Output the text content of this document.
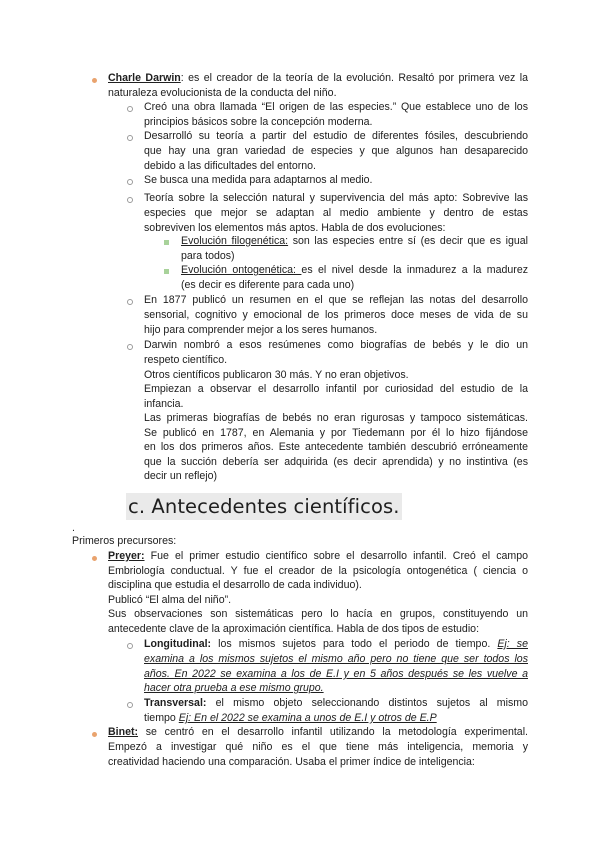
Charle Darwin: es el creador de la teoría de la evolución. Resaltó por primera vez la
naturaleza evolucionista de la conducta del niño.
Creó una obra llamada “El origen de las especies.” Que establece uno de los
principios básicos sobre la concepción moderna.
Desarrolló su teoría a partir del estudio de diferentes fósiles, descubriendo
que hay una gran variedad de especies y que algunos han desaparecido
debido a las dificultades del entorno.
Se busca una medida para adaptarnos al medio.
Teoría sobre la selección natural y supervivencia del más apto: Sobrevive las
especies que mejor se adaptan al medio ambiente y dentro de estas
sobreviven los elementos más aptos. Habla de dos evoluciones:
Evolución filogenética: son las especies entre sí (es decir que es igual
para todos)
Evolución ontogenética: es el nivel desde la inmadurez a la madurez
(es decir es diferente para cada uno)
En 1877 publicó un resumen en el que se reflejan las notas del desarrollo
sensorial, cognitivo y emocional de los primeros doce meses de vida de su
hijo para comprender mejor a los seres humanos.
Darwin nombró a esos resúmenes como biografías de bebés y le dio un
respeto científico.
Otros científicos publicaron 30 más. Y no eran objetivos.
Empiezan a observar el desarrollo infantil por curiosidad del estudio de la
infancia.
Las primeras biografías de bebés no eran rigurosas y tampoco sistemáticas.
Se publicó en 1787, en Alemania y por Tiedemann por él lo hizo fijándose
en los dos primeros años. Este antecedente también descubrió erróneamente
que la succión debería ser adquirida (es decir aprendida) y no instintiva (es
decir un reflejo)
c. Antecedentes científicos.
.
Primeros precursores:
Preyer: Fue el primer estudio científico sobre el desarrollo infantil. Creó el campo
Embriología conductual. Y fue el creador de la psicología ontogenética ( ciencia o
disciplina que estudia el desarrollo de cada individuo).
Publicó “El alma del niño”.
Sus observaciones son sistemáticas pero lo hacía en grupos, constituyendo un
antecedente clave de la aproximación científica. Habla de dos tipos de estudio:
Longitudinal: los mismos sujetos para todo el periodo de tiempo. Ej: se
examina a los mismos sujetos el mismo año pero no tiene que ser todos los
años. En 2022 se examina a los de E.I y en 5 años después se les vuelve a
hacer otra prueba a ese mismo grupo.
Transversal: el mismo objeto seleccionando distintos sujetos al mismo
tiempo Ej: En el 2022 se examina a unos de E.I y otros de E.P
Binet: se centró en el desarrollo infantil utilizando la metodología experimental.
Empezó a investigar qué niño es el que tiene más inteligencia, memoria y
creatividad haciendo una comparación. Usaba el primer índice de inteligencia:
